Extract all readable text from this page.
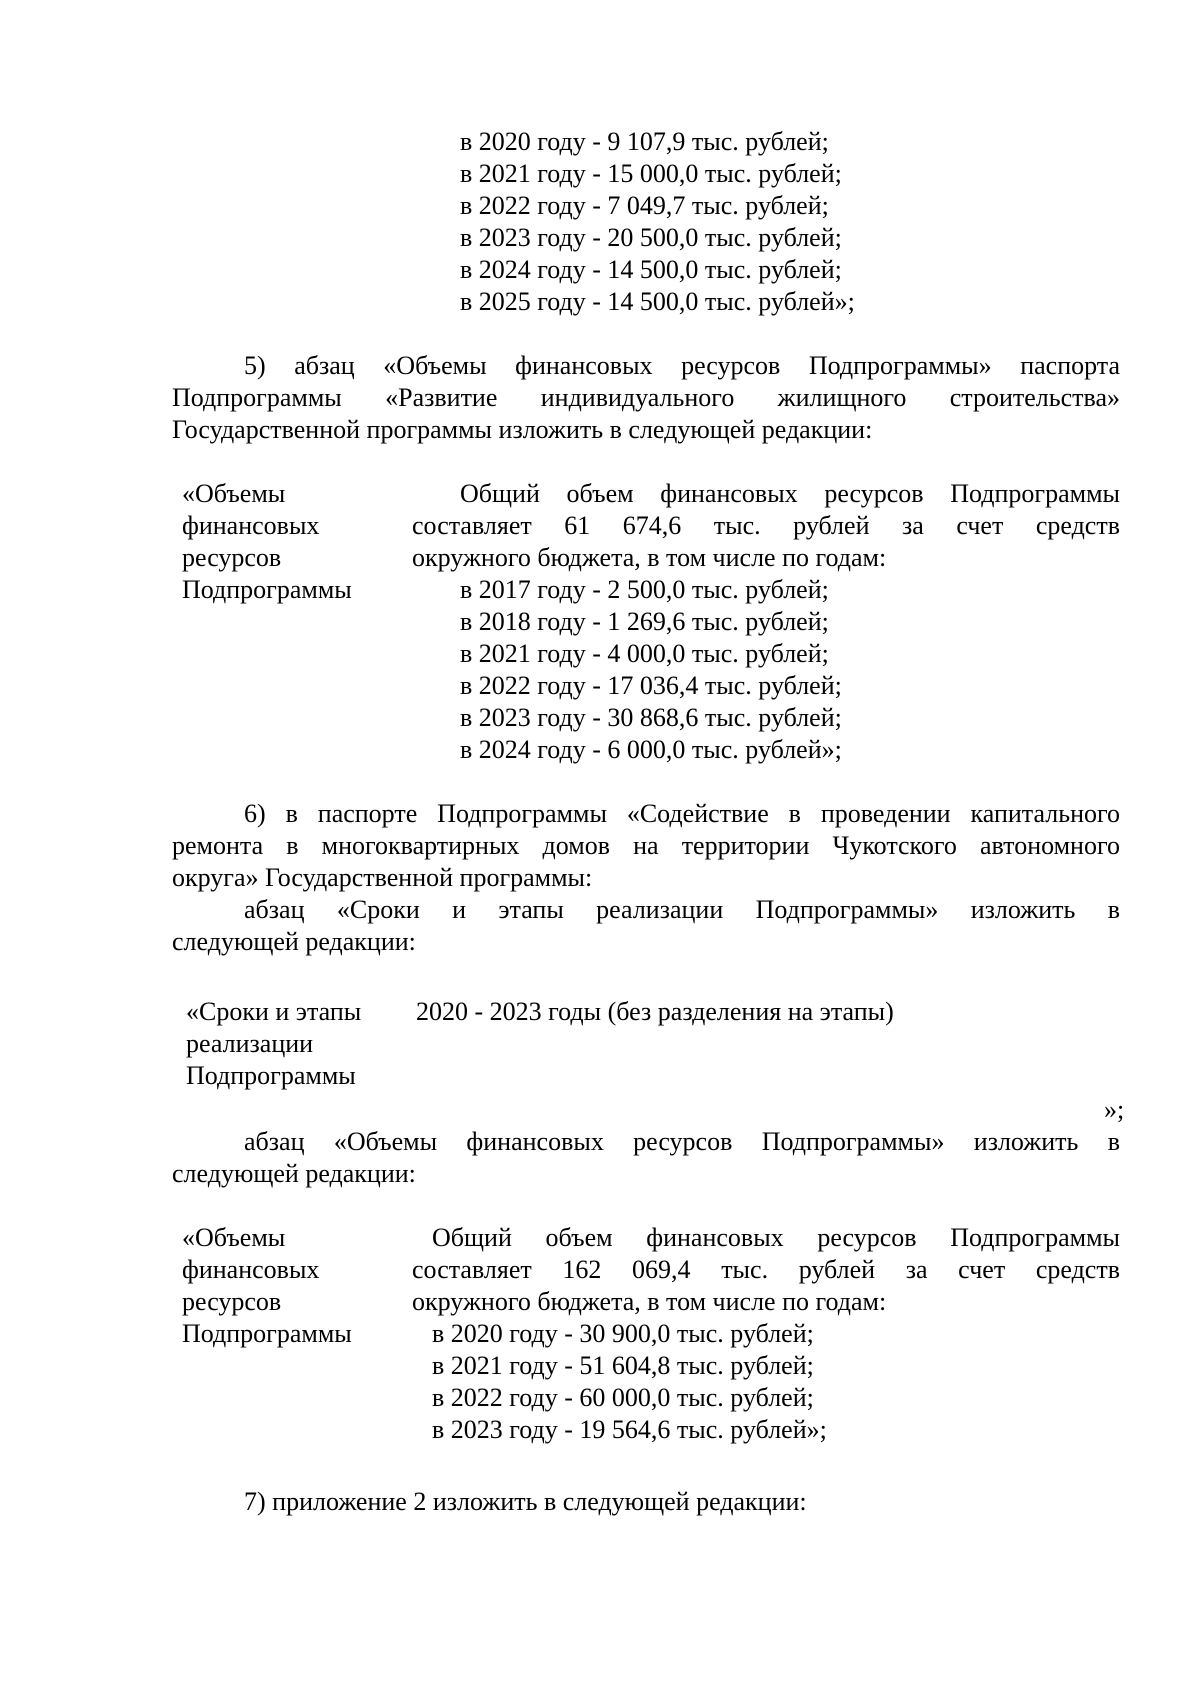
в 2020 году - 9 107,9 тыс. рублей;
в 2021 году - 15 000,0 тыс. рублей;
в 2022 году - 7 049,7 тыс. рублей;
в 2023 году - 20 500,0 тыс. рублей;
в 2024 году - 14 500,0 тыс. рублей;
в 2025 году - 14 500,0 тыс. рублей»;
5) абзац «Объемы финансовых ресурсов Подпрограммы» паспорта
Подпрограммы «Развитие индивидуального жилищного строительства»
Государственной программы изложить в следующей редакции:
«Объемы
финансовых
ресурсов
Подпрограммы
Общий объем финансовых ресурсов Подпрограммы
составляет 61 674,6 тыс. рублей за счет средств
окружного бюджета, в том числе по годам:
в 2017 году - 2 500,0 тыс. рублей;
в 2018 году - 1 269,6 тыс. рублей;
в 2021 году - 4 000,0 тыс. рублей;
в 2022 году - 17 036,4 тыс. рублей;
в 2023 году - 30 868,6 тыс. рублей;
в 2024 году - 6 000,0 тыс. рублей»;
6) в паспорте Подпрограммы «Содействие в проведении капитального
ремонта в многоквартирных домов на территории Чукотского автономного
округа» Государственной программы:
абзац «Сроки и этапы реализации Подпрограммы» изложить в
следующей редакции:
«Сроки и этапы
реализации
Подпрограммы
2020 - 2023 годы (без разделения на этапы)
»;
абзац «Объемы финансовых ресурсов Подпрограммы» изложить в
следующей редакции:
«Объемы
финансовых
ресурсов
Подпрограммы
Общий объем финансовых ресурсов Подпрограммы
составляет 162 069,4 тыс. рублей за счет средств
окружного бюджета, в том числе по годам:
в 2020 году - 30 900,0 тыс. рублей;
в 2021 году - 51 604,8 тыс. рублей;
в 2022 году - 60 000,0 тыс. рублей;
в 2023 году - 19 564,6 тыс. рублей»;
7) приложение 2 изложить в следующей редакции:
